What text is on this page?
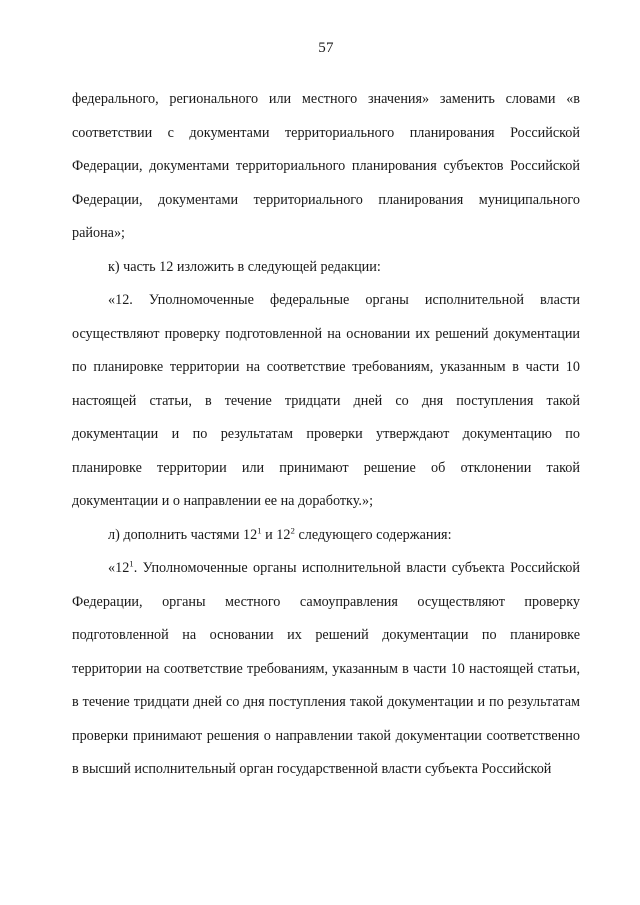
57

федерального, регионального или местного значения» заменить словами «в соответствии с документами территориального планирования Российской Федерации, документами территориального планирования субъектов Российской Федерации, документами территориального планирования муниципального района»;

к) часть 12 изложить в следующей редакции:

«12. Уполномоченные федеральные органы исполнительной власти осуществляют проверку подготовленной на основании их решений документации по планировке территории на соответствие требованиям, указанным в части 10 настоящей статьи, в течение тридцати дней со дня поступления такой документации и по результатам проверки утверждают документацию по планировке территории или принимают решение об отклонении такой документации и о направлении ее на доработку.»;

л) дополнить частями $12^1$ и $12^2$ следующего содержания:

«$12^1$. Уполномоченные органы исполнительной власти субъекта Российской Федерации, органы местного самоуправления осуществляют проверку подготовленной на основании их решений документации по планировке территории на соответствие требованиям, указанным в части 10 настоящей статьи, в течение тридцати дней со дня поступления такой документации и по результатам проверки принимают решения о направлении такой документации соответственно в высший исполнительный орган государственной власти субъекта Российской
